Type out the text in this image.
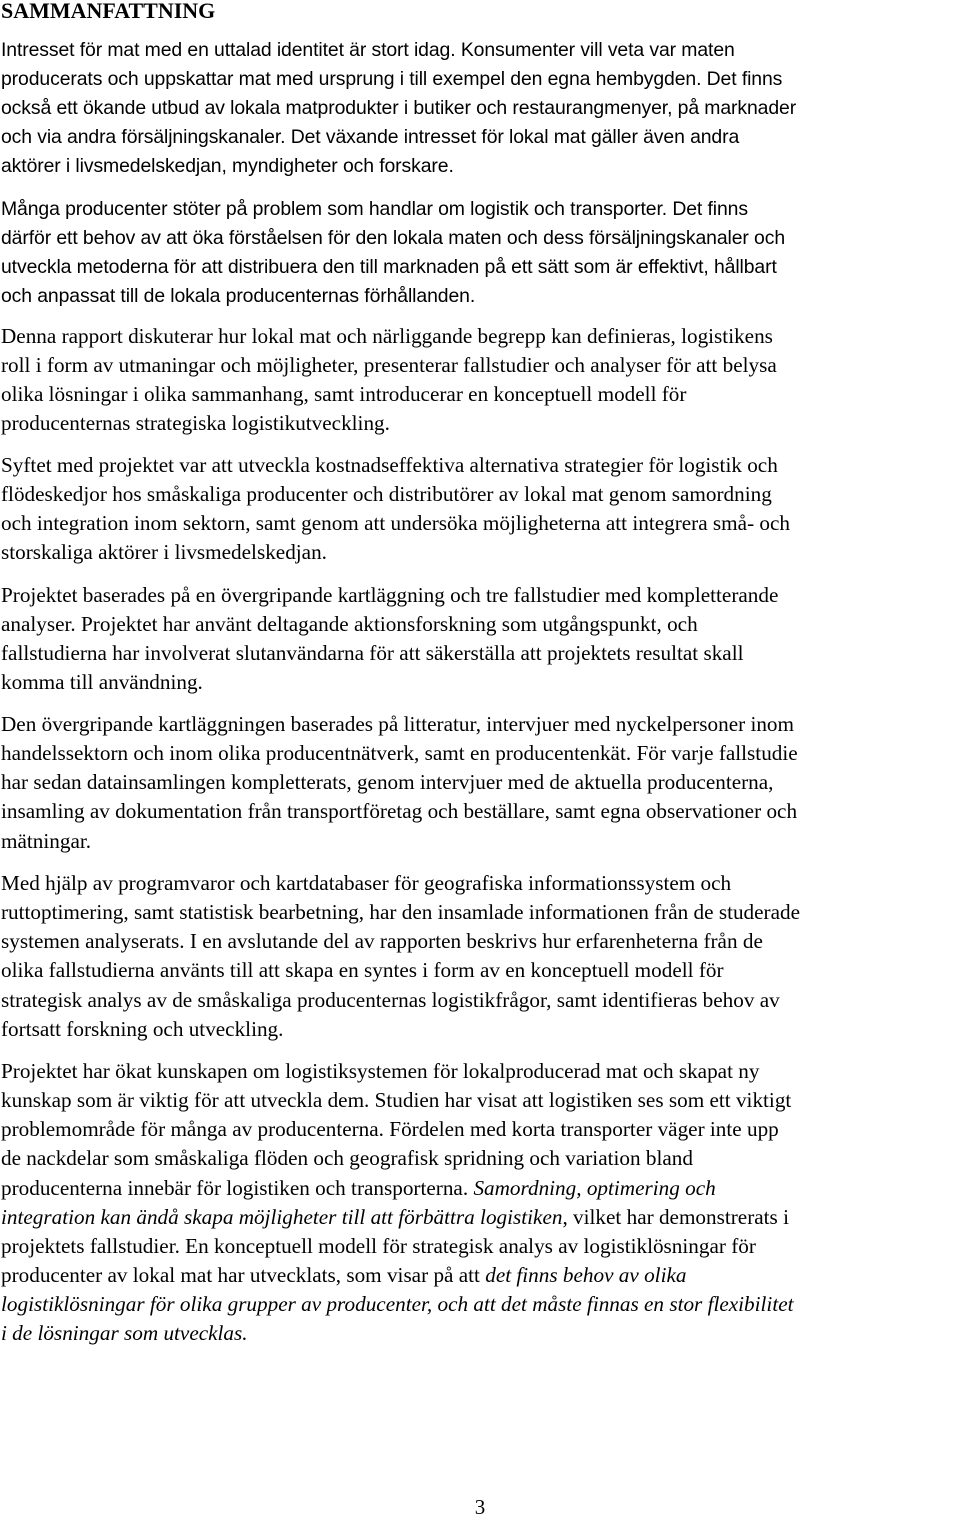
SAMMANFATTNING

Intresset för mat med en uttalad identitet är stort idag. Konsumenter vill veta var maten
producerats och uppskattar mat med ursprung i till exempel den egna hembygden. Det finns
också ett ökande utbud av lokala matprodukter i butiker och restaurangmenyer, på marknader
och via andra försäljningskanaler. Det växande intresset för lokal mat gäller även andra
aktörer i livsmedelskedjan, myndigheter och forskare.

Många producenter stöter på problem som handlar om logistik och transporter. Det finns
därför ett behov av att öka förståelsen för den lokala maten och dess försäljningskanaler och
utveckla metoderna för att distribuera den till marknaden på ett sätt som är effektivt, hållbart
och anpassat till de lokala producenternas förhållanden.

Denna rapport diskuterar hur lokal mat och närliggande begrepp kan definieras, logistikens
roll i form av utmaningar och möjligheter, presenterar fallstudier och analyser för att belysa
olika lösningar i olika sammanhang, samt introducerar en konceptuell modell för
producenternas strategiska logistikutveckling.

Syftet med projektet var att utveckla kostnadseffektiva alternativa strategier för logistik och
flödeskedjor hos småskaliga producenter och distributörer av lokal mat genom samordning
och integration inom sektorn, samt genom att undersöka möjligheterna att integrera små- och
storskaliga aktörer i livsmedelskedjan.

Projektet baserades på en övergripande kartläggning och tre fallstudier med kompletterande
analyser. Projektet har använt deltagande aktionsforskning som utgångspunkt, och
fallstudierna har involverat slutanvändarna för att säkerställa att projektets resultat skall
komma till användning.

Den övergripande kartläggningen baserades på litteratur, intervjuer med nyckelpersoner inom
handelssektorn och inom olika producentnätverk, samt en producentenkät. För varje fallstudie
har sedan datainsamlingen kompletterats, genom intervjuer med de aktuella producenterna,
insamling av dokumentation från transportföretag och beställare, samt egna observationer och
mätningar.

Med hjälp av programvaror och kartdatabaser för geografiska informationssystem och
ruttoptimering, samt statistisk bearbetning, har den insamlade informationen från de studerade
systemen analyserats. I en avslutande del av rapporten beskrivs hur erfarenheterna från de
olika fallstudierna använts till att skapa en syntes i form av en konceptuell modell för
strategisk analys av de småskaliga producenternas logistikfrågor, samt identifieras behov av
fortsatt forskning och utveckling.

Projektet har ökat kunskapen om logistiksystemen för lokalproducerad mat och skapat ny
kunskap som är viktig för att utveckla dem. Studien har visat att logistiken ses som ett viktigt
problemområde för många av producenterna. Fördelen med korta transporter väger inte upp
de nackdelar som småskaliga flöden och geografisk spridning och variation bland
producenterna innebär för logistiken och transporterna. Samordning, optimering och
integration kan ändå skapa möjligheter till att förbättra logistiken, vilket har demonstrerats i
projektets fallstudier. En konceptuell modell för strategisk analys av logistiklösningar för
producenter av lokal mat har utvecklats, som visar på att det finns behov av olika
logistiklösningar för olika grupper av producenter, och att det måste finnas en stor flexibilitet
i de lösningar som utvecklas.

3
